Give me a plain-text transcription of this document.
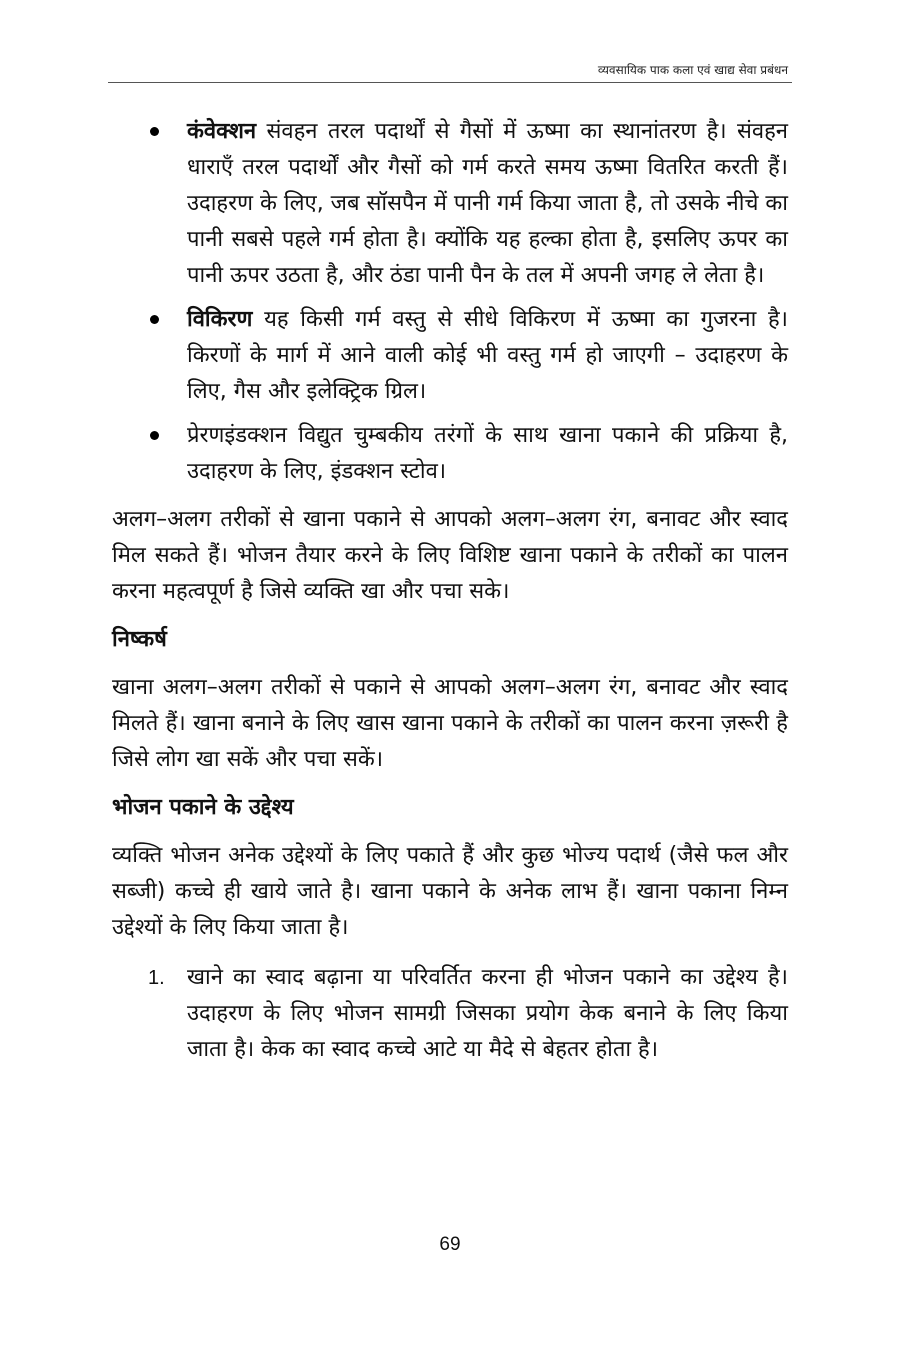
व्यवसायिक पाक कला एवं खाद्य सेवा प्रबंधन

कंवेक्शन संवहन तरल पदार्थों से गैसों में ऊष्मा का स्थानांतरण है। संवहन धाराएँ तरल पदार्थों और गैसों को गर्म करते समय ऊष्मा वितरित करती हैं। उदाहरण के लिए, जब सॉसपैन में पानी गर्म किया जाता है, तो उसके नीचे का पानी सबसे पहले गर्म होता है। क्योंकि यह हल्का होता है, इसलिए ऊपर का पानी ऊपर उठता है, और ठंडा पानी पैन के तल में अपनी जगह ले लेता है।

विकिरण यह किसी गर्म वस्तु से सीधे विकिरण में ऊष्मा का गुजरना है। किरणों के मार्ग में आने वाली कोई भी वस्तु गर्म हो जाएगी – उदाहरण के लिए, गैस और इलेक्ट्रिक ग्रिल।

प्रेरणइंडक्शन विद्युत चुम्बकीय तरंगों के साथ खाना पकाने की प्रक्रिया है, उदाहरण के लिए, इंडक्शन स्टोव।

अलग–अलग तरीकों से खाना पकाने से आपको अलग–अलग रंग, बनावट और स्वाद मिल सकते हैं। भोजन तैयार करने के लिए विशिष्ट खाना पकाने के तरीकों का पालन करना महत्वपूर्ण है जिसे व्यक्ति खा और पचा सके।

निष्कर्ष

खाना अलग–अलग तरीकों से पकाने से आपको अलग–अलग रंग, बनावट और स्वाद मिलते हैं। खाना बनाने के लिए खास खाना पकाने के तरीकों का पालन करना ज़रूरी है जिसे लोग खा सकें और पचा सकें।

भोजन पकाने के उद्देश्य

व्यक्ति भोजन अनेक उद्देश्यों के लिए पकाते हैं और कुछ भोज्य पदार्थ (जैसे फल और सब्जी) कच्चे ही खाये जाते है। खाना पकाने के अनेक लाभ हैं। खाना पकाना निम्न उद्देश्यों के लिए किया जाता है।

1. खाने का स्वाद बढ़ाना या परिवर्तित करना ही भोजन पकाने का उद्देश्य है। उदाहरण के लिए भोजन सामग्री जिसका प्रयोग केक बनाने के लिए किया जाता है। केक का स्वाद कच्चे आटे या मैदे से बेहतर होता है।

69
